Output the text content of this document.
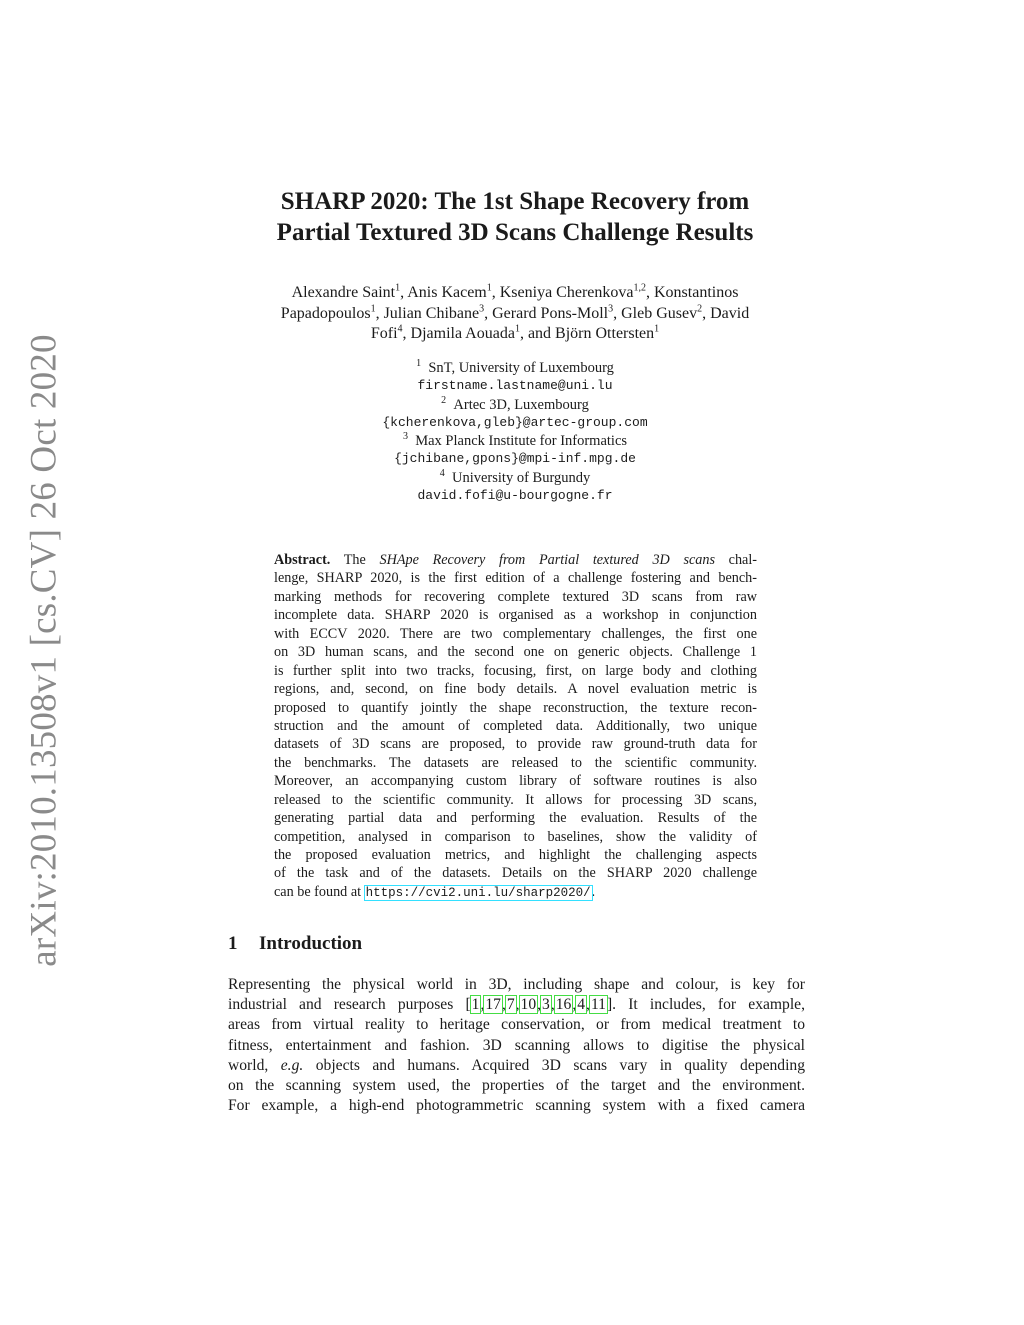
arXiv:2010.13508v1 [cs.CV] 26 Oct 2020
SHARP 2020: The 1st Shape Recovery from
Partial Textured 3D Scans Challenge Results
Alexandre Saint$^1$, Anis Kacem$^1$, Kseniya Cherenkova$^{1,2}$, Konstantinos
Papadopoulos$^1$, Julian Chibane$^3$, Gerard Pons-Moll$^3$, Gleb Gusev$^2$, David
Fofi$^4$, Djamila Aouada$^1$, and Björn Ottersten$^1$
$^1$ SnT, University of Luxembourg
firstname.lastname@uni.lu
$^2$ Artec 3D, Luxembourg
{kcherenkova,gleb}@artec-group.com
$^3$ Max Planck Institute for Informatics
{jchibane,gpons}@mpi-inf.mpg.de
$^4$ University of Burgundy
david.fofi@u-bourgogne.fr
Abstract. The SHApe Recovery from Partial textured 3D scans chal-
lenge, SHARP 2020, is the first edition of a challenge fostering and bench-
marking methods for recovering complete textured 3D scans from raw
incomplete data. SHARP 2020 is organised as a workshop in conjunction
with ECCV 2020. There are two complementary challenges, the first one
on 3D human scans, and the second one on generic objects. Challenge 1
is further split into two tracks, focusing, first, on large body and clothing
regions, and, second, on fine body details. A novel evaluation metric is
proposed to quantify jointly the shape reconstruction, the texture recon-
struction and the amount of completed data. Additionally, two unique
datasets of 3D scans are proposed, to provide raw ground-truth data for
the benchmarks. The datasets are released to the scientific community.
Moreover, an accompanying custom library of software routines is also
released to the scientific community. It allows for processing 3D scans,
generating partial data and performing the evaluation. Results of the
competition, analysed in comparison to baselines, show the validity of
the proposed evaluation metrics, and highlight the challenging aspects
of the task and of the datasets. Details on the SHARP 2020 challenge
can be found at https://cvi2.uni.lu/sharp2020/.
1 Introduction
Representing the physical world in 3D, including shape and colour, is key for
industrial and research purposes [1,17,7,10,3,16,4,11]. It includes, for example,
areas from virtual reality to heritage conservation, or from medical treatment to
fitness, entertainment and fashion. 3D scanning allows to digitise the physical
world, e.g. objects and humans. Acquired 3D scans vary in quality depending
on the scanning system used, the properties of the target and the environment.
For example, a high-end photogrammetric scanning system with a fixed camera
